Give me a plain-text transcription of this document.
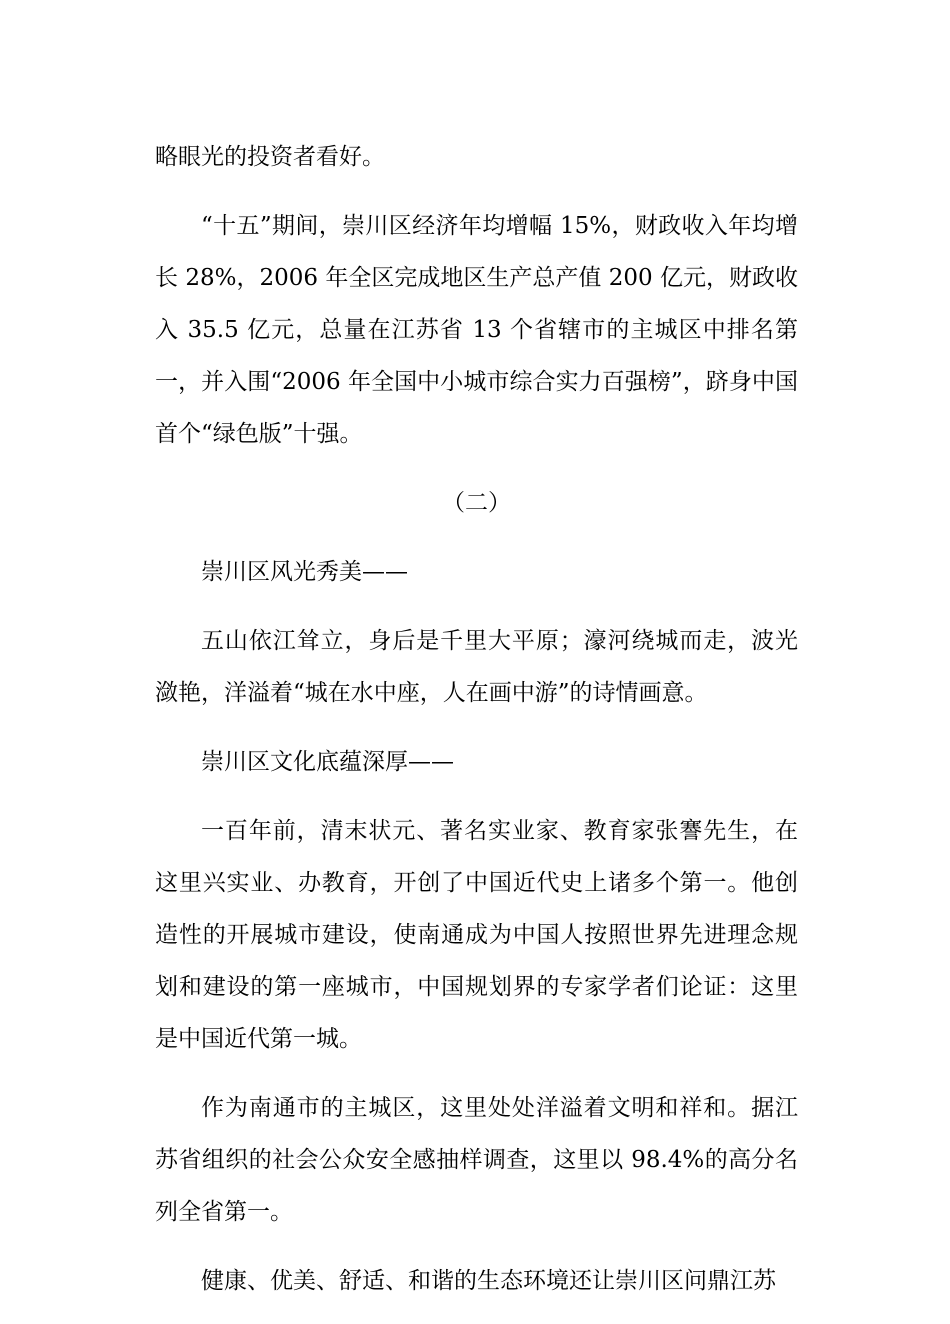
略眼光的投资者看好。

“十五”期间，崇川区经济年均增幅 15%，财政收入年均增长 28%，2006 年全区完成地区生产总产值 200 亿元，财政收入 35.5 亿元，总量在江苏省 13 个省辖市的主城区中排名第一，并入围“2006 年全国中小城市综合实力百强榜”，跻身中国首个“绿色版”十强。

（二）

崇川区风光秀美——

五山依江耸立，身后是千里大平原；濠河绕城而走，波光潋艳，洋溢着“城在水中座，人在画中游”的诗情画意。

崇川区文化底蕴深厚——

一百年前，清末状元、著名实业家、教育家张謇先生，在这里兴实业、办教育，开创了中国近代史上诸多个第一。他创造性的开展城市建设，使南通成为中国人按照世界先进理念规划和建设的第一座城市，中国规划界的专家学者们论证：这里是中国近代第一城。

作为南通市的主城区，这里处处洋溢着文明和祥和。据江苏省组织的社会公众安全感抽样调查，这里以 98.4%的高分名列全省第一。

健康、优美、舒适、和谐的生态环境还让崇川区问鼎江苏
